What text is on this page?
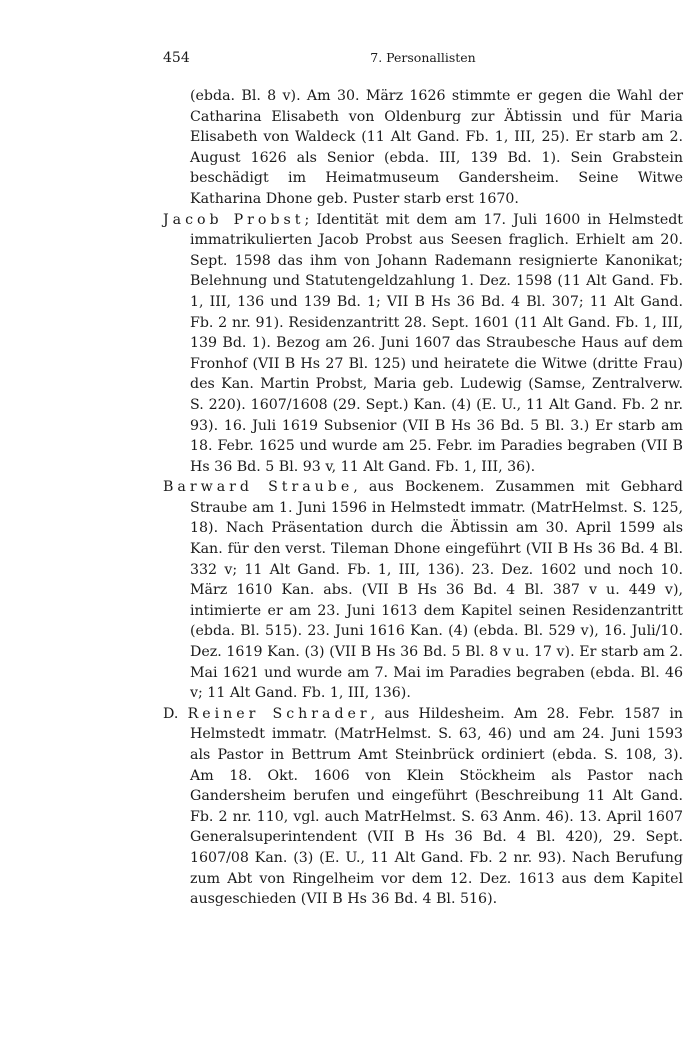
454	7. Personallisten

(ebda. Bl. 8 v). Am 30. März 1626 stimmte er gegen die Wahl der Catharina Elisabeth von Oldenburg zur Äbtissin und für Maria Elisabeth von Waldeck (11 Alt Gand. Fb. 1, III, 25). Er starb am 2. August 1626 als Senior (ebda. III, 139 Bd. 1). Sein Grabstein beschädigt im Heimatmuseum Gandersheim. Seine Witwe Katharina Dhone geb. Puster starb erst 1670.

Jacob Probst; Identität mit dem am 17. Juli 1600 in Helmstedt immatrikulierten Jacob Probst aus Seesen fraglich. Erhielt am 20. Sept. 1598 das ihm von Johann Rademann resignierte Kanonikat; Belehnung und Statutengeldzahlung 1. Dez. 1598 (11 Alt Gand. Fb. 1, III, 136 und 139 Bd. 1; VII B Hs 36 Bd. 4 Bl. 307; 11 Alt Gand. Fb. 2 nr. 91). Residenzantritt 28. Sept. 1601 (11 Alt Gand. Fb. 1, III, 139 Bd. 1). Bezog am 26. Juni 1607 das Straubesche Haus auf dem Fronhof (VII B Hs 27 Bl. 125) und heiratete die Witwe (dritte Frau) des Kan. Martin Probst, Maria geb. Ludewig (Samse, Zentralverw. S. 220). 1607/1608 (29. Sept.) Kan. (4) (E. U., 11 Alt Gand. Fb. 2 nr. 93). 16. Juli 1619 Subsenior (VII B Hs 36 Bd. 5 Bl. 3.) Er starb am 18. Febr. 1625 und wurde am 25. Febr. im Paradies begraben (VII B Hs 36 Bd. 5 Bl. 93 v, 11 Alt Gand. Fb. 1, III, 36).

Barward Straube, aus Bockenem. Zusammen mit Gebhard Straube am 1. Juni 1596 in Helmstedt immatr. (MatrHelmst. S. 125, 18). Nach Präsentation durch die Äbtissin am 30. April 1599 als Kan. für den verst. Tileman Dhone eingeführt (VII B Hs 36 Bd. 4 Bl. 332 v; 11 Alt Gand. Fb. 1, III, 136). 23. Dez. 1602 und noch 10. März 1610 Kan. abs. (VII B Hs 36 Bd. 4 Bl. 387 v u. 449 v), intimierte er am 23. Juni 1613 dem Kapitel seinen Residenzantritt (ebda. Bl. 515). 23. Juni 1616 Kan. (4) (ebda. Bl. 529 v), 16. Juli/10. Dez. 1619 Kan. (3) (VII B Hs 36 Bd. 5 Bl. 8 v u. 17 v). Er starb am 2. Mai 1621 und wurde am 7. Mai im Paradies begraben (ebda. Bl. 46 v; 11 Alt Gand. Fb. 1, III, 136).

D. Reiner Schrader, aus Hildesheim. Am 28. Febr. 1587 in Helmstedt immatr. (MatrHelmst. S. 63, 46) und am 24. Juni 1593 als Pastor in Bettrum Amt Steinbrück ordiniert (ebda. S. 108, 3). Am 18. Okt. 1606 von Klein Stöckheim als Pastor nach Gandersheim berufen und eingeführt (Beschreibung 11 Alt Gand. Fb. 2 nr. 110, vgl. auch MatrHelmst. S. 63 Anm. 46). 13. April 1607 Generalsuperintendent (VII B Hs 36 Bd. 4 Bl. 420), 29. Sept. 1607/08 Kan. (3) (E. U., 11 Alt Gand. Fb. 2 nr. 93). Nach Berufung zum Abt von Ringelheim vor dem 12. Dez. 1613 aus dem Kapitel ausgeschieden (VII B Hs 36 Bd. 4 Bl. 516).
